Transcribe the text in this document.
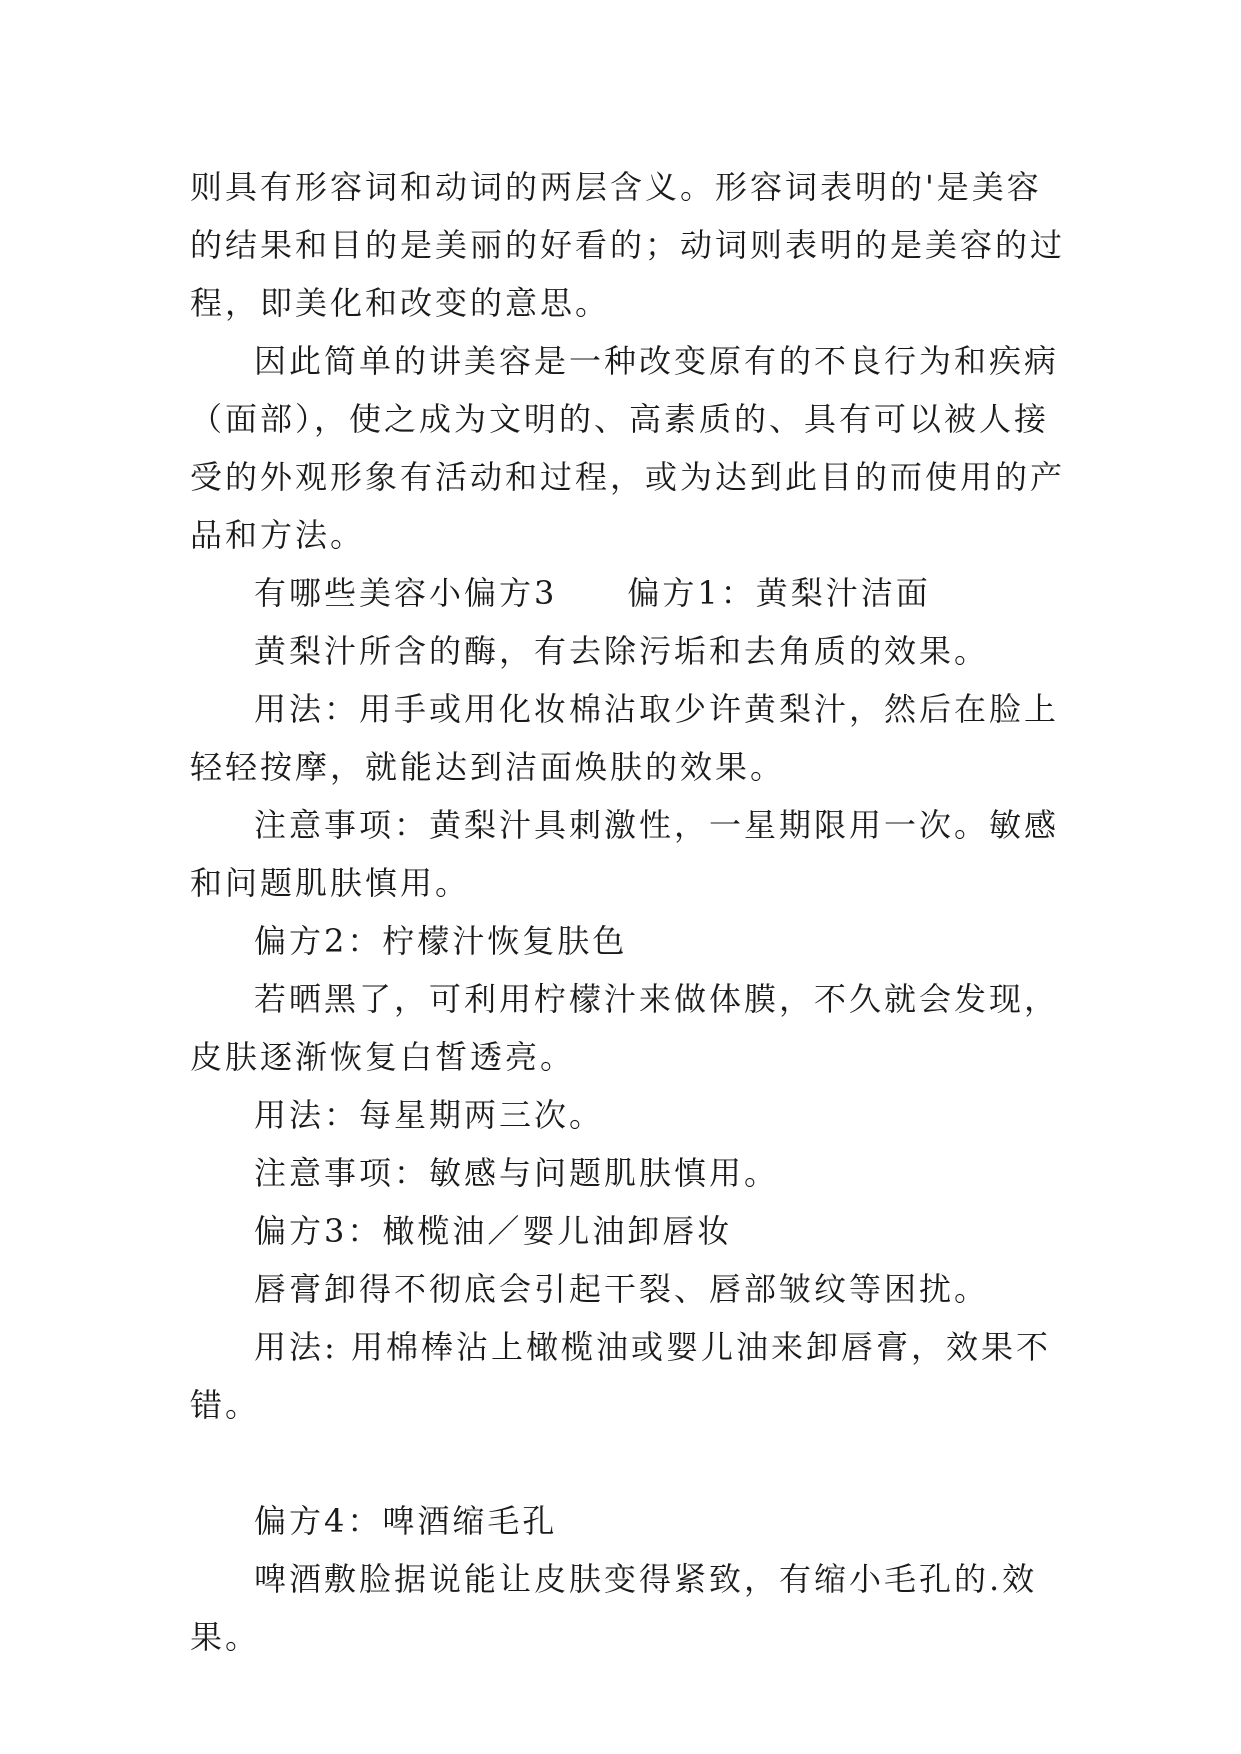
则具有形容词和动词的两层含义。形容词表明的'是美容的结果和目的是美丽的好看的；动词则表明的是美容的过程，即美化和改变的意思。

因此简单的讲美容是一种改变原有的不良行为和疾病（面部），使之成为文明的、高素质的、具有可以被人接受的外观形象有活动和过程，或为达到此目的而使用的产品和方法。

有哪些美容小偏方3　　偏方1：黄梨汁洁面

黄梨汁所含的酶，有去除污垢和去角质的效果。

用法：用手或用化妆棉沾取少许黄梨汁，然后在脸上轻轻按摩，就能达到洁面焕肤的效果。

注意事项：黄梨汁具刺激性，一星期限用一次。敏感和问题肌肤慎用。

偏方2：柠檬汁恢复肤色

若晒黑了，可利用柠檬汁来做体膜，不久就会发现，皮肤逐渐恢复白皙透亮。

用法：每星期两三次。

注意事项：敏感与问题肌肤慎用。

偏方3：橄榄油／婴儿油卸唇妆

唇膏卸得不彻底会引起干裂、唇部皱纹等困扰。

用法: 用棉棒沾上橄榄油或婴儿油来卸唇膏，效果不错。

偏方4：啤酒缩毛孔

啤酒敷脸据说能让皮肤变得紧致，有缩小毛孔的.效果。
